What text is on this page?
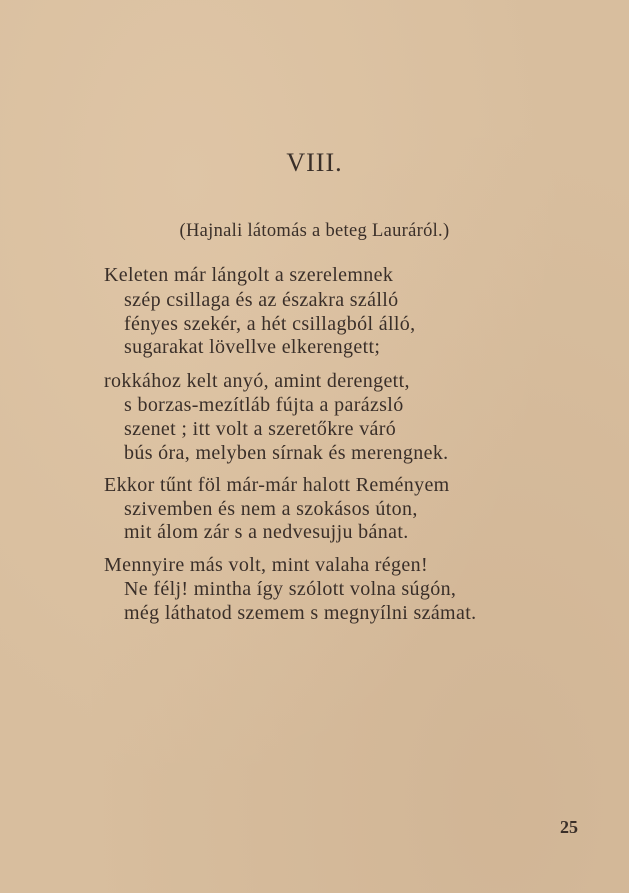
VIII.
(Hajnali látomás a beteg Lauráról.)
Keleten már lángolt a szerelemnek
szép csillaga és az északra szálló
fényes szekér, a hét csillagból álló,
sugarakat lövellve elkerengett;
rokkához kelt anyó, amint derengett,
s borzas-mezítláb fújta a parázsló
szenet ; itt volt a szeretőkre váró
bús óra, melyben sírnak és merengnek.
Ekkor tűnt föl már-már halott Reményem
szivemben és nem a szokásos úton,
mit álom zár s a nedvesujju bánat.
Mennyire más volt, mint valaha régen!
Ne félj! mintha így szólott volna súgón,
még láthatod szemem s megnyílni számat.
25
